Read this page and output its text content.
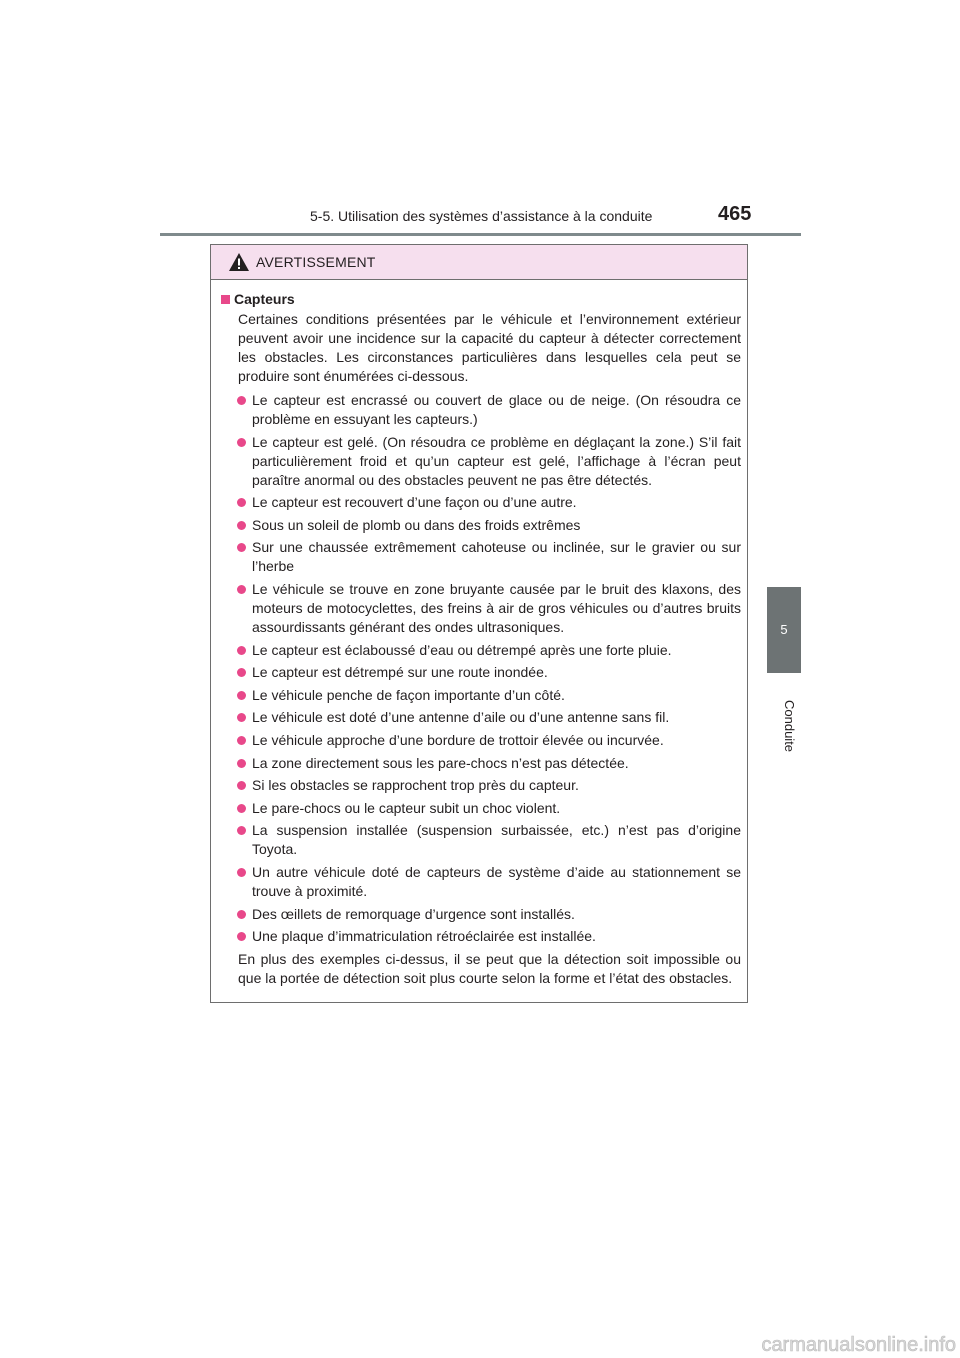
5-5. Utilisation des systèmes d’assistance à la conduite	465
5
Conduite
AVERTISSEMENT
Capteurs

Certaines conditions présentées par le véhicule et l’environnement extérieur peuvent avoir une incidence sur la capacité du capteur à détecter correctement les obstacles. Les circonstances particulières dans lesquelles cela peut se produire sont énumérées ci-dessous.

Le capteur est encrassé ou couvert de glace ou de neige. (On résoudra ce problème en essuyant les capteurs.)
Le capteur est gelé. (On résoudra ce problème en déglaçant la zone.) S’il fait particulièrement froid et qu’un capteur est gelé, l’affichage à l’écran peut paraître anormal ou des obstacles peuvent ne pas être détectés.
Le capteur est recouvert d’une façon ou d’une autre.
Sous un soleil de plomb ou dans des froids extrêmes
Sur une chaussée extrêmement cahoteuse ou inclinée, sur le gravier ou sur l’herbe
Le véhicule se trouve en zone bruyante causée par le bruit des klaxons, des moteurs de motocyclettes, des freins à air de gros véhicules ou d’autres bruits assourdissants générant des ondes ultrasoniques.
Le capteur est éclaboussé d’eau ou détrempé après une forte pluie.
Le capteur est détrempé sur une route inondée.
Le véhicule penche de façon importante d’un côté.
Le véhicule est doté d’une antenne d’aile ou d’une antenne sans fil.
Le véhicule approche d’une bordure de trottoir élevée ou incurvée.
La zone directement sous les pare-chocs n’est pas détectée.
Si les obstacles se rapprochent trop près du capteur.
Le pare-chocs ou le capteur subit un choc violent.
La suspension installée (suspension surbaissée, etc.) n’est pas d’origine Toyota.
Un autre véhicule doté de capteurs de système d’aide au stationnement se trouve à proximité.
Des œillets de remorquage d’urgence sont installés.
Une plaque d’immatriculation rétroéclairée est installée.

En plus des exemples ci-dessus, il se peut que la détection soit impossible ou que la portée de détection soit plus courte selon la forme et l’état des obstacles.

carmanualsonline.info
